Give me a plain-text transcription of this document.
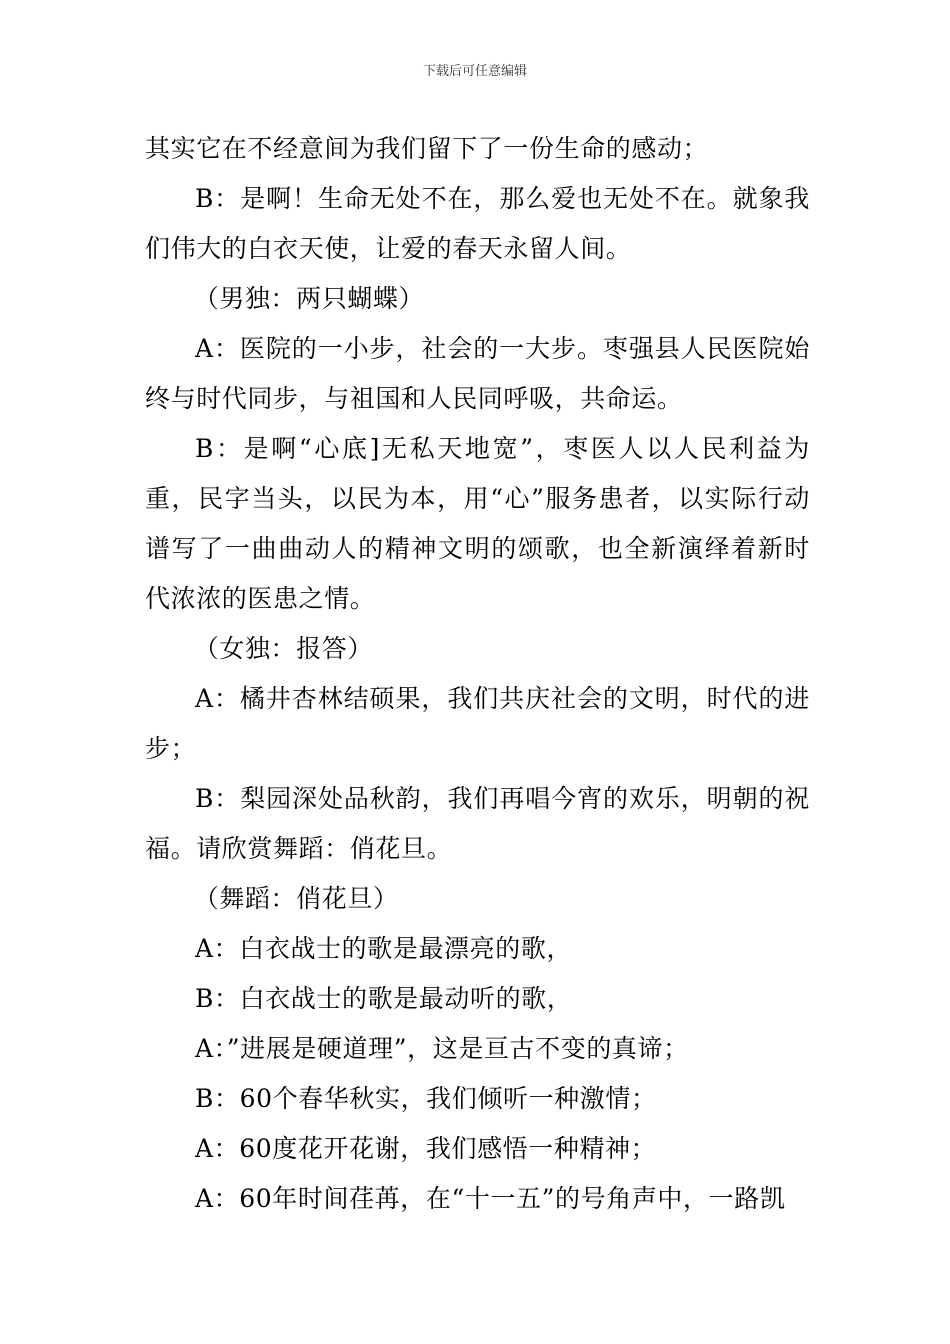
下载后可任意编辑

其实它在不经意间为我们留下了一份生命的感动；

B：是啊！生命无处不在，那么爱也无处不在。就象我们伟大的白衣天使，让爱的春天永留人间。

（男独：两只蝴蝶）

A：医院的一小步，社会的一大步。枣强县人民医院始终与时代同步，与祖国和人民同呼吸，共命运。

B：是啊“心底]无私天地宽”，枣医人以人民利益为重，民字当头，以民为本，用“心”服务患者，以实际行动谱写了一曲曲动人的精神文明的颂歌，也全新演绎着新时代浓浓的医患之情。

（女独：报答）

A：橘井杏林结硕果，我们共庆社会的文明，时代的进步；

B：梨园深处品秋韵，我们再唱今宵的欢乐，明朝的祝福。请欣赏舞蹈：俏花旦。

（舞蹈：俏花旦）

A：白衣战士的歌是最漂亮的歌，

B：白衣战士的歌是最动听的歌，

A：”进展是硬道理”，这是亘古不变的真谛；

B：60个春华秋实，我们倾听一种激情；

A：60度花开花谢，我们感悟一种精神；

A：60年时间荏苒，在“十一五”的号角声中，一路凯
